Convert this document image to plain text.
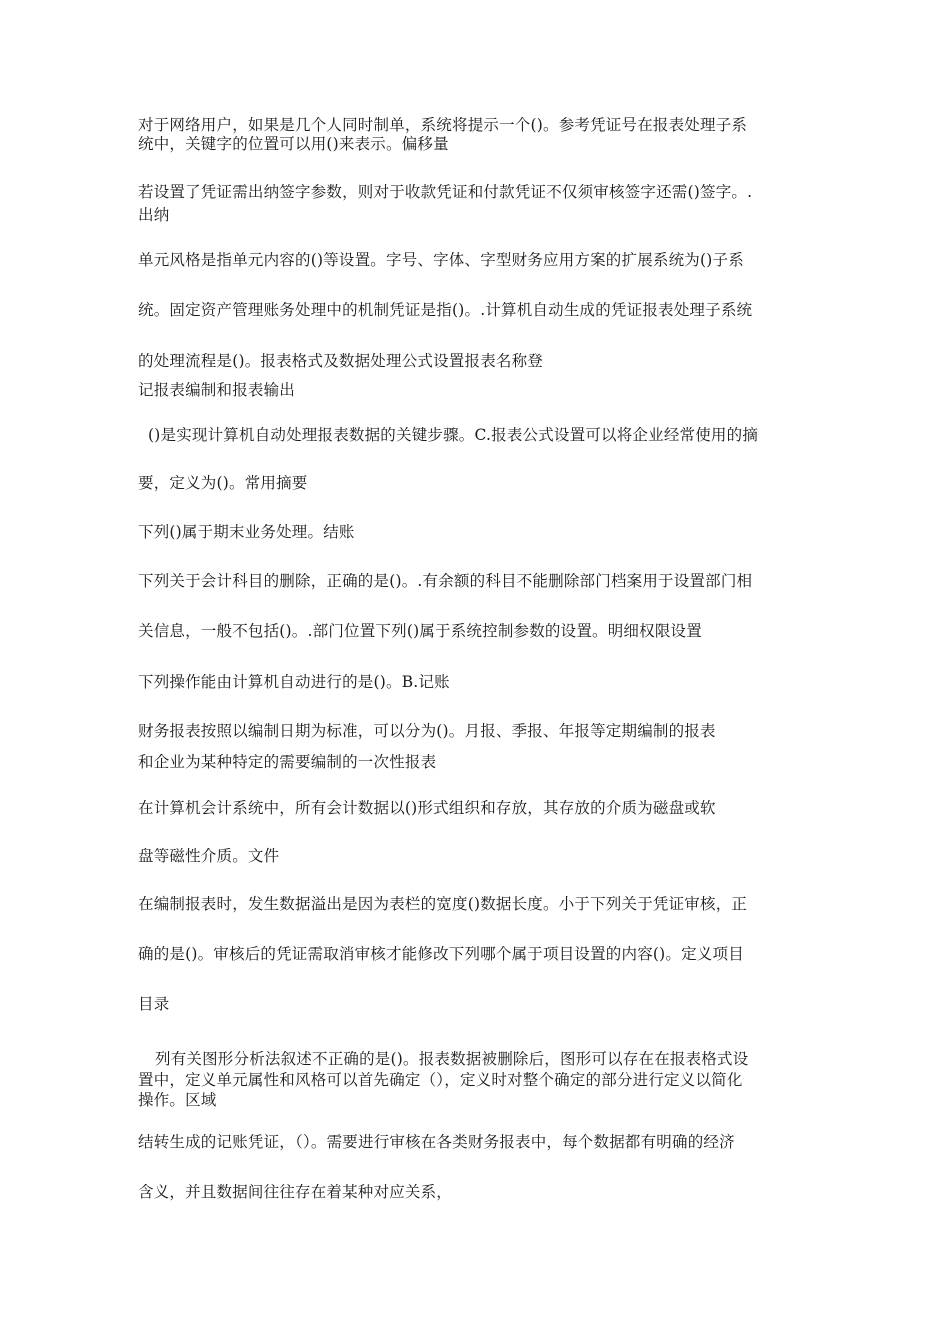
对于网络用户，如果是几个人同时制单，系统将提示一个()。参考凭证号在报表处理子系
统中，关键字的位置可以用()来表示。偏移量
若设置了凭证需出纳签字参数，则对于收款凭证和付款凭证不仅须审核签字还需()签字。.
出纳
单元风格是指单元内容的()等设置。字号、字体、字型财务应用方案的扩展系统为()子系
统。固定资产管理账务处理中的机制凭证是指()。.计算机自动生成的凭证报表处理子系统
的处理流程是()。报表格式及数据处理公式设置报表名称登
记报表编制和报表输出
()是实现计算机自动处理报表数据的关键步骤。C.报表公式设置可以将企业经常使用的摘
要，定义为()。常用摘要
下列()属于期末业务处理。结账
下列关于会计科目的删除，正确的是()。.有余额的科目不能删除部门档案用于设置部门相
关信息，一般不包括()。.部门位置下列()属于系统控制参数的设置。明细权限设置
下列操作能由计算机自动进行的是()。B.记账
财务报表按照以编制日期为标准，可以分为()。月报、季报、年报等定期编制的报表
和企业为某种特定的需要编制的一次性报表
在计算机会计系统中，所有会计数据以()形式组织和存放，其存放的介质为磁盘或软
盘等磁性介质。文件
在编制报表时，发生数据溢出是因为表栏的宽度()数据长度。小于下列关于凭证审核，正
确的是()。审核后的凭证需取消审核才能修改下列哪个属于项目设置的内容()。定义项目
目录
列有关图形分析法叙述不正确的是()。报表数据被删除后，图形可以存在在报表格式设
置中，定义单元属性和风格可以首先确定（），定义时对整个确定的部分进行定义以简化
操作。区域
结转生成的记账凭证，（）。需要进行审核在各类财务报表中，每个数据都有明确的经济
含义，并且数据间往往存在着某种对应关系，
